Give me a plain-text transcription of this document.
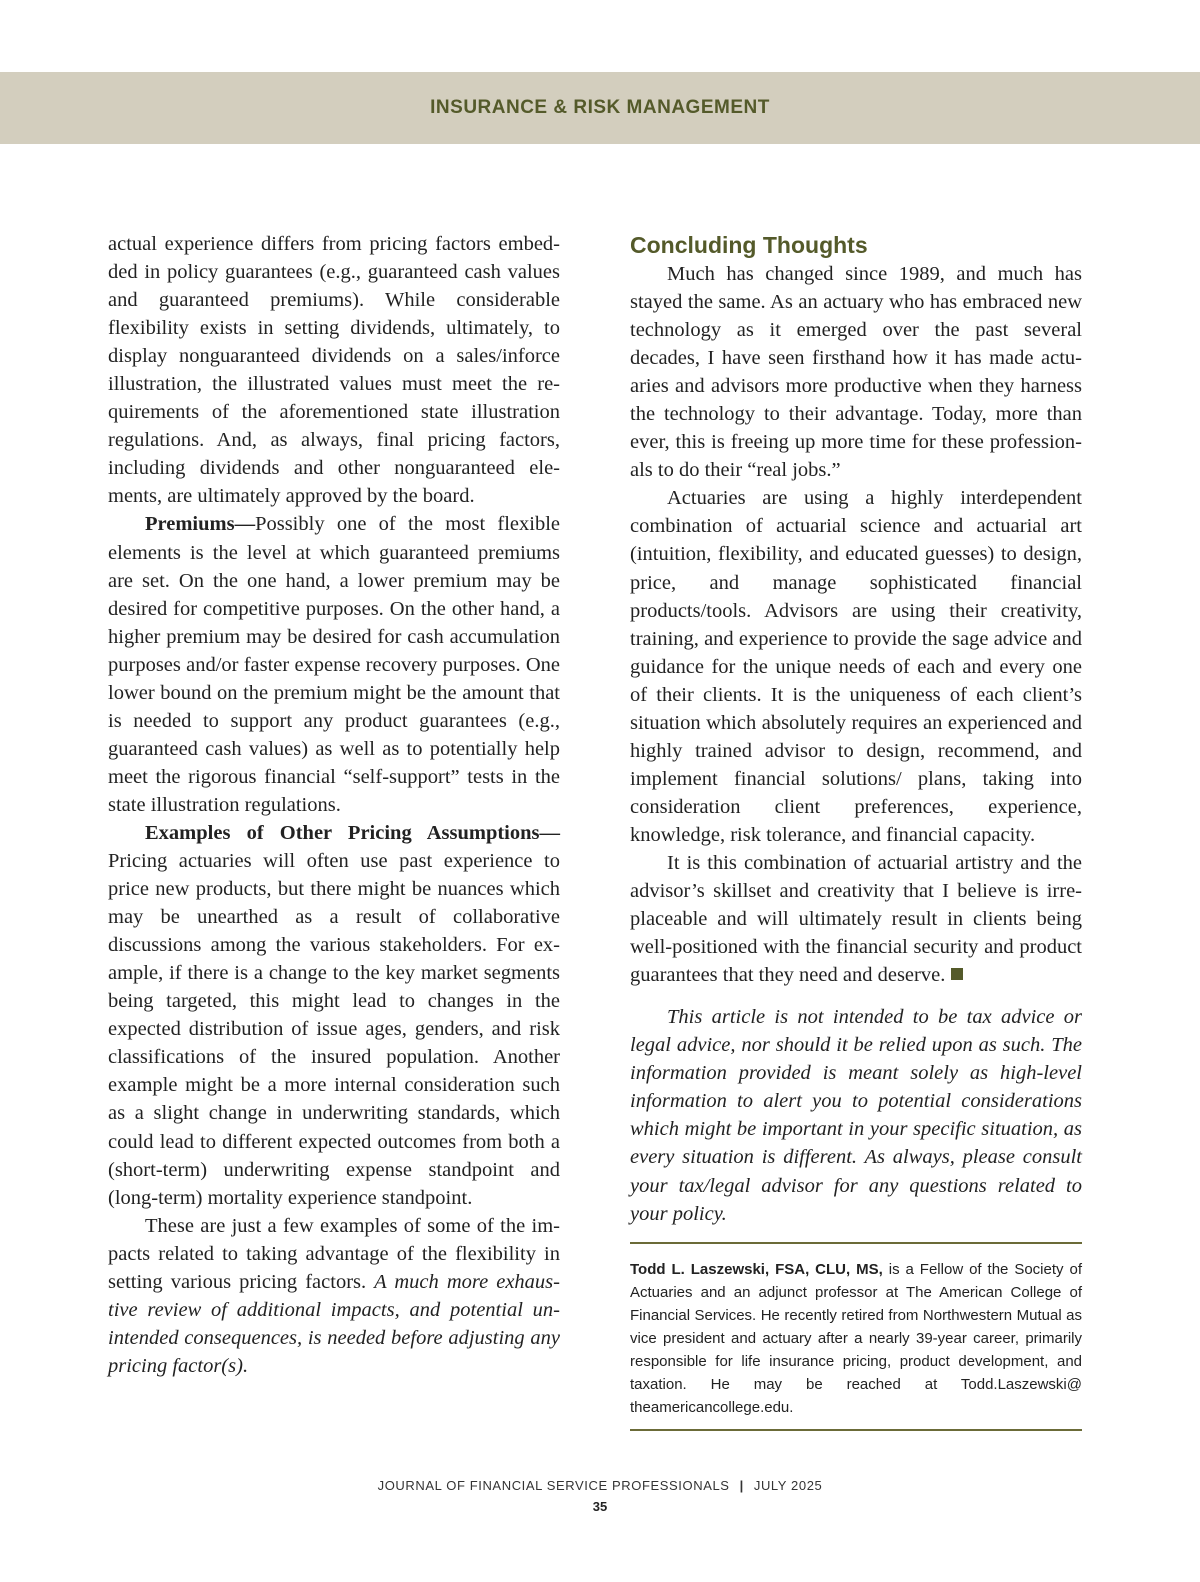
INSURANCE & RISK MANAGEMENT

actual experience differs from pricing factors embedded in policy guarantees (e.g., guaranteed cash values and guaranteed premiums). While considerable flexibility exists in setting dividends, ultimately, to display nonguaranteed dividends on a sales/inforce illustration, the illustrated values must meet the requirements of the aforementioned state illustration regulations. And, as always, final pricing factors, including dividends and other nonguaranteed elements, are ultimately approved by the board.

Premiums—Possibly one of the most flexible elements is the level at which guaranteed premiums are set. On the one hand, a lower premium may be desired for competitive purposes. On the other hand, a higher premium may be desired for cash accumulation purposes and/or faster expense recovery purposes. One lower bound on the premium might be the amount that is needed to support any product guarantees (e.g., guaranteed cash values) as well as to potentially help meet the rigorous financial “self-support” tests in the state illustration regulations.

Examples of Other Pricing Assumptions—Pricing actuaries will often use past experience to price new products, but there might be nuances which may be unearthed as a result of collaborative discussions among the various stakeholders. For example, if there is a change to the key market segments being targeted, this might lead to changes in the expected distribution of issue ages, genders, and risk classifications of the insured population. Another example might be a more internal consideration such as a slight change in underwriting standards, which could lead to different expected outcomes from both a (short-term) underwriting expense standpoint and (long-term) mortality experience standpoint.

These are just a few examples of some of the impacts related to taking advantage of the flexibility in setting various pricing factors. A much more exhaustive review of additional impacts, and potential unintended consequences, is needed before adjusting any pricing factor(s).

Concluding Thoughts

Much has changed since 1989, and much has stayed the same. As an actuary who has embraced new technology as it emerged over the past several decades, I have seen firsthand how it has made actuaries and advisors more productive when they harness the technology to their advantage. Today, more than ever, this is freeing up more time for these professionals to do their “real jobs.”

Actuaries are using a highly interdependent combination of actuarial science and actuarial art (intuition, flexibility, and educated guesses) to design, price, and manage sophisticated financial products/tools. Advisors are using their creativity, training, and experience to provide the sage advice and guidance for the unique needs of each and every one of their clients. It is the uniqueness of each client’s situation which absolutely requires an experienced and highly trained advisor to design, recommend, and implement financial solutions/ plans, taking into consideration client preferences, experience, knowledge, risk tolerance, and financial capacity.

It is this combination of actuarial artistry and the advisor’s skillset and creativity that I believe is irreplaceable and will ultimately result in clients being well-positioned with the financial security and product guarantees that they need and deserve.

This article is not intended to be tax advice or legal advice, nor should it be relied upon as such. The information provided is meant solely as high-level information to alert you to potential considerations which might be important in your specific situation, as every situation is different. As always, please consult your tax/legal advisor for any questions related to your policy.

Todd L. Laszewski, FSA, CLU, MS, is a Fellow of the Society of Actuaries and an adjunct professor at The American College of Financial Services. He recently retired from Northwestern Mutual as vice president and actuary after a nearly 39-year career, primarily responsible for life insurance pricing, product development, and taxation. He may be reached at Todd.Laszewski@ theamericancollege.edu.
JOURNAL OF FINANCIAL SERVICE PROFESSIONALS | JULY 2025
35
